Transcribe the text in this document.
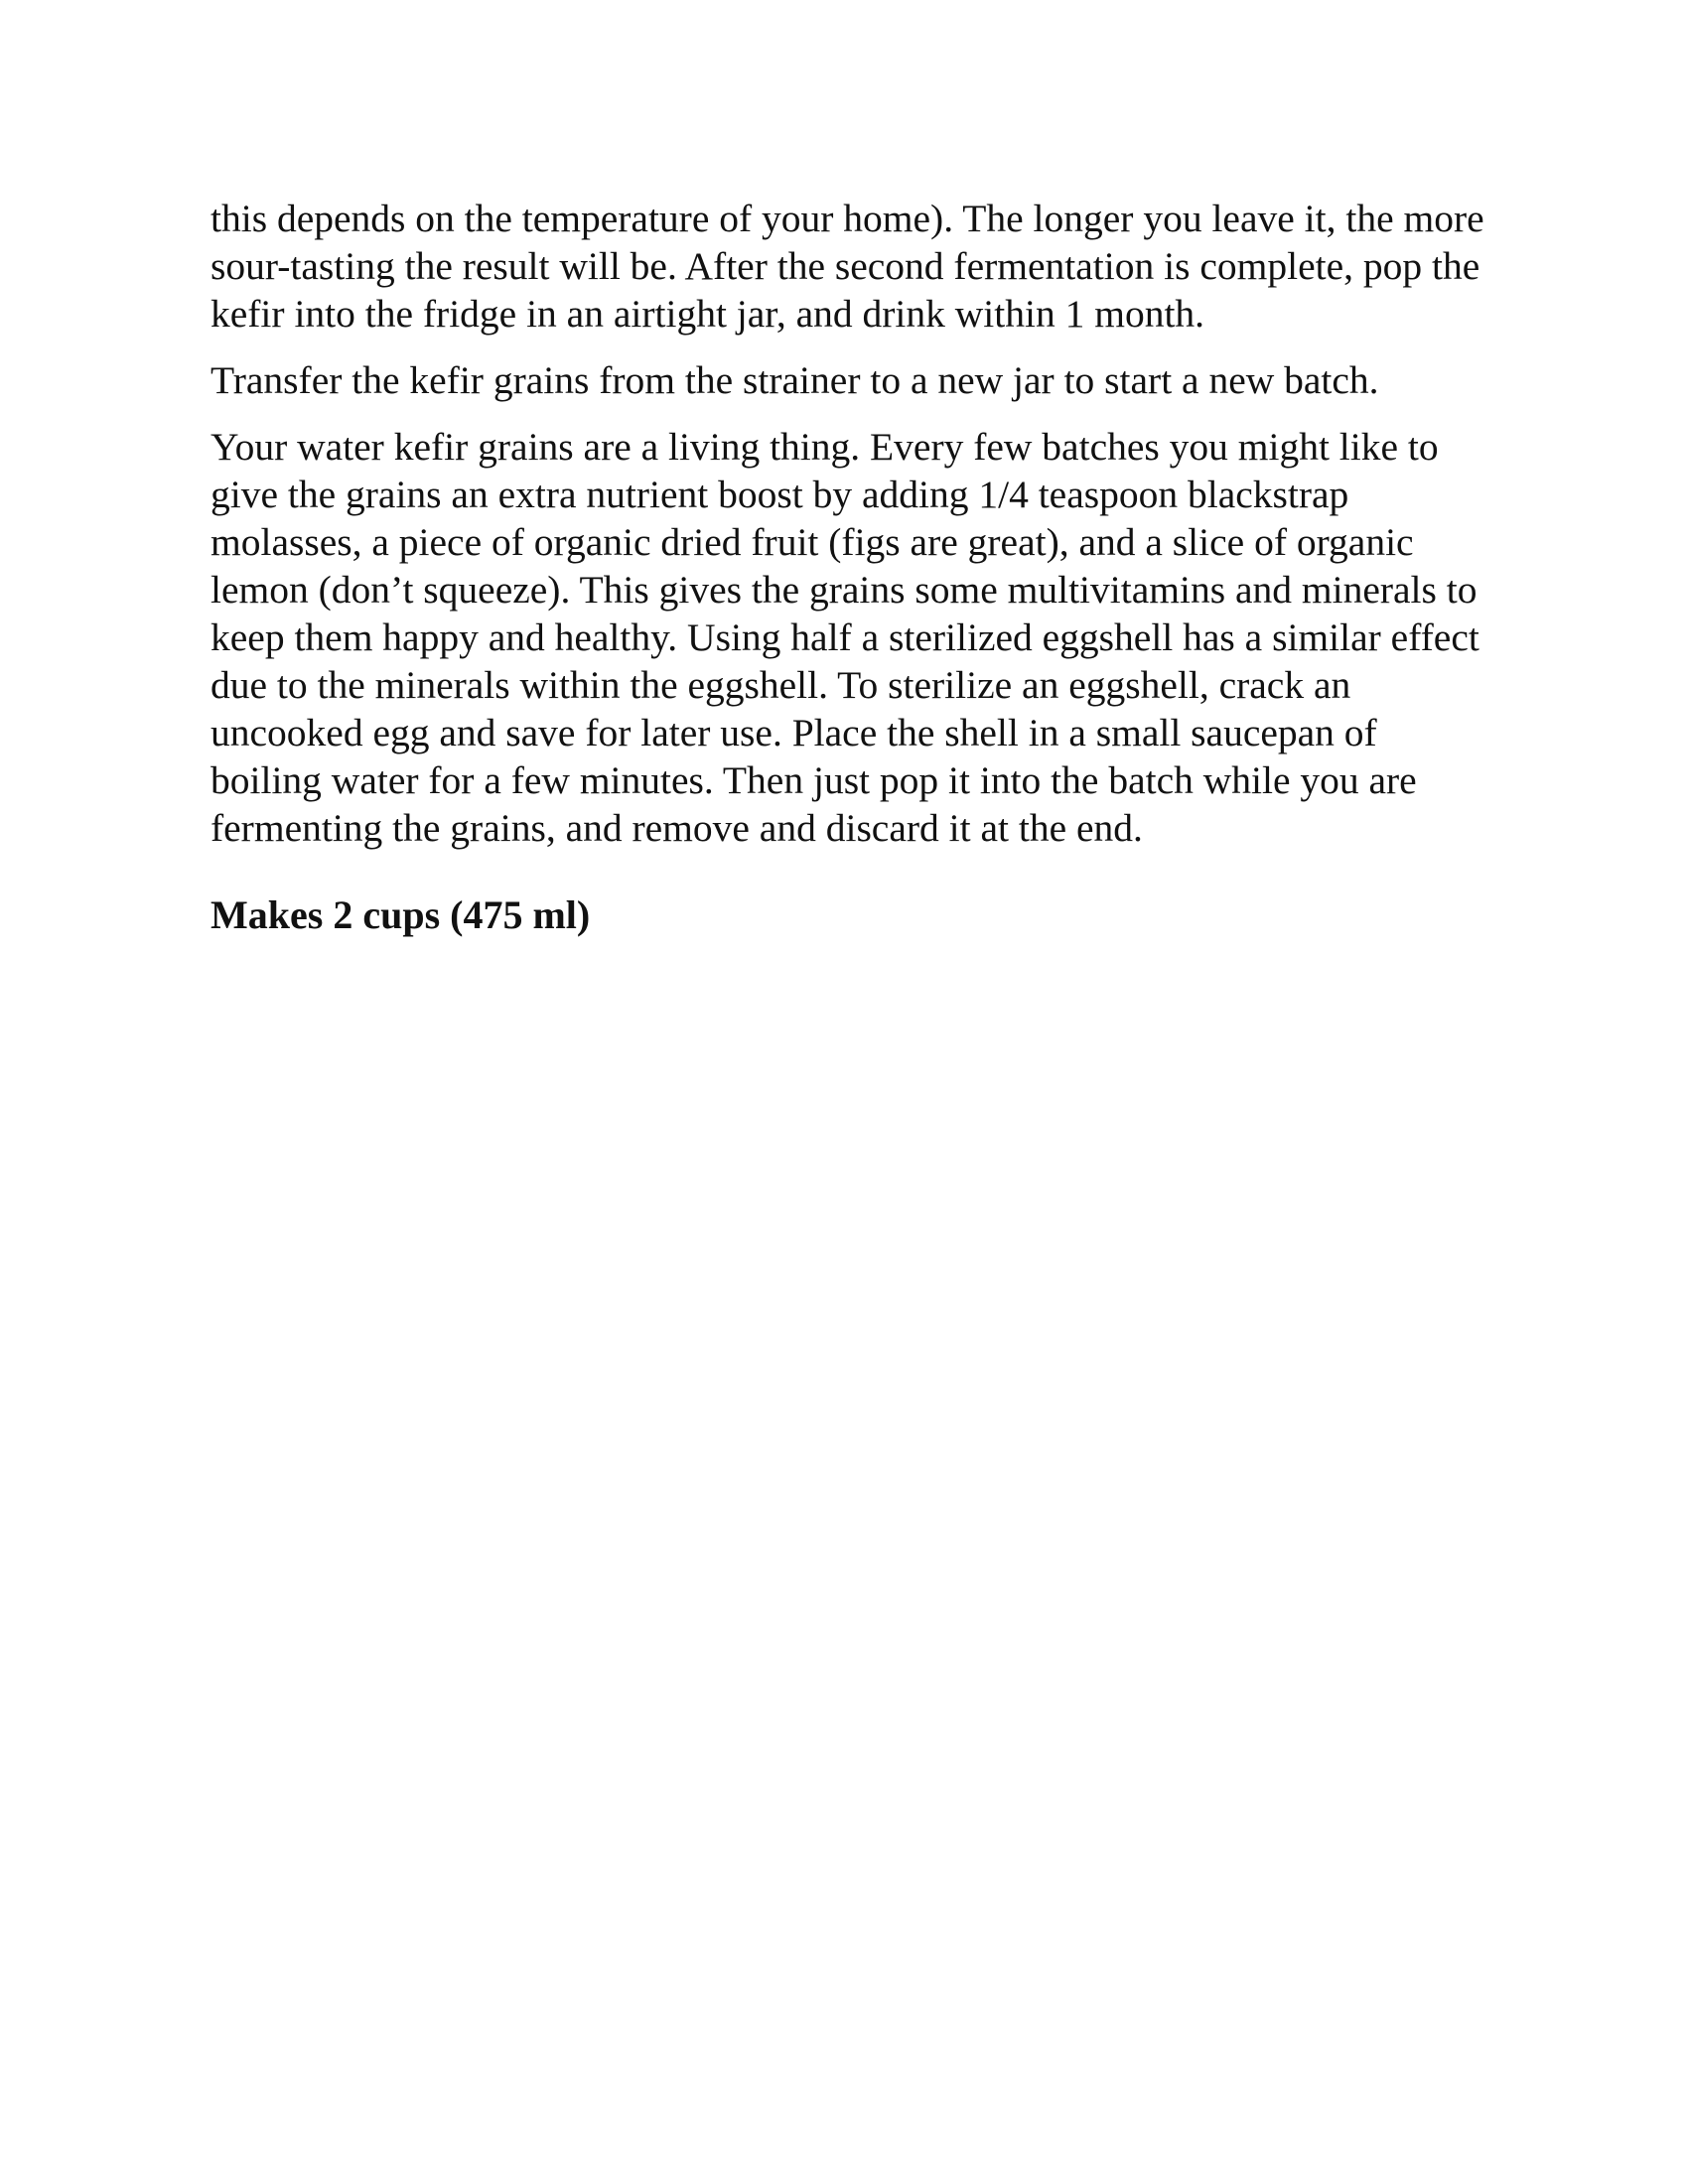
this depends on the temperature of your home). The longer you leave it, the more sour-tasting the result will be. After the second fermentation is complete, pop the kefir into the fridge in an airtight jar, and drink within 1 month.

Transfer the kefir grains from the strainer to a new jar to start a new batch.

Your water kefir grains are a living thing. Every few batches you might like to give the grains an extra nutrient boost by adding 1/4 teaspoon blackstrap molasses, a piece of organic dried fruit (figs are great), and a slice of organic lemon (don’t squeeze). This gives the grains some multivitamins and minerals to keep them happy and healthy. Using half a sterilized eggshell has a similar effect due to the minerals within the eggshell. To sterilize an eggshell, crack an uncooked egg and save for later use. Place the shell in a small saucepan of boiling water for a few minutes. Then just pop it into the batch while you are fermenting the grains, and remove and discard it at the end.

Makes 2 cups (475 ml)
